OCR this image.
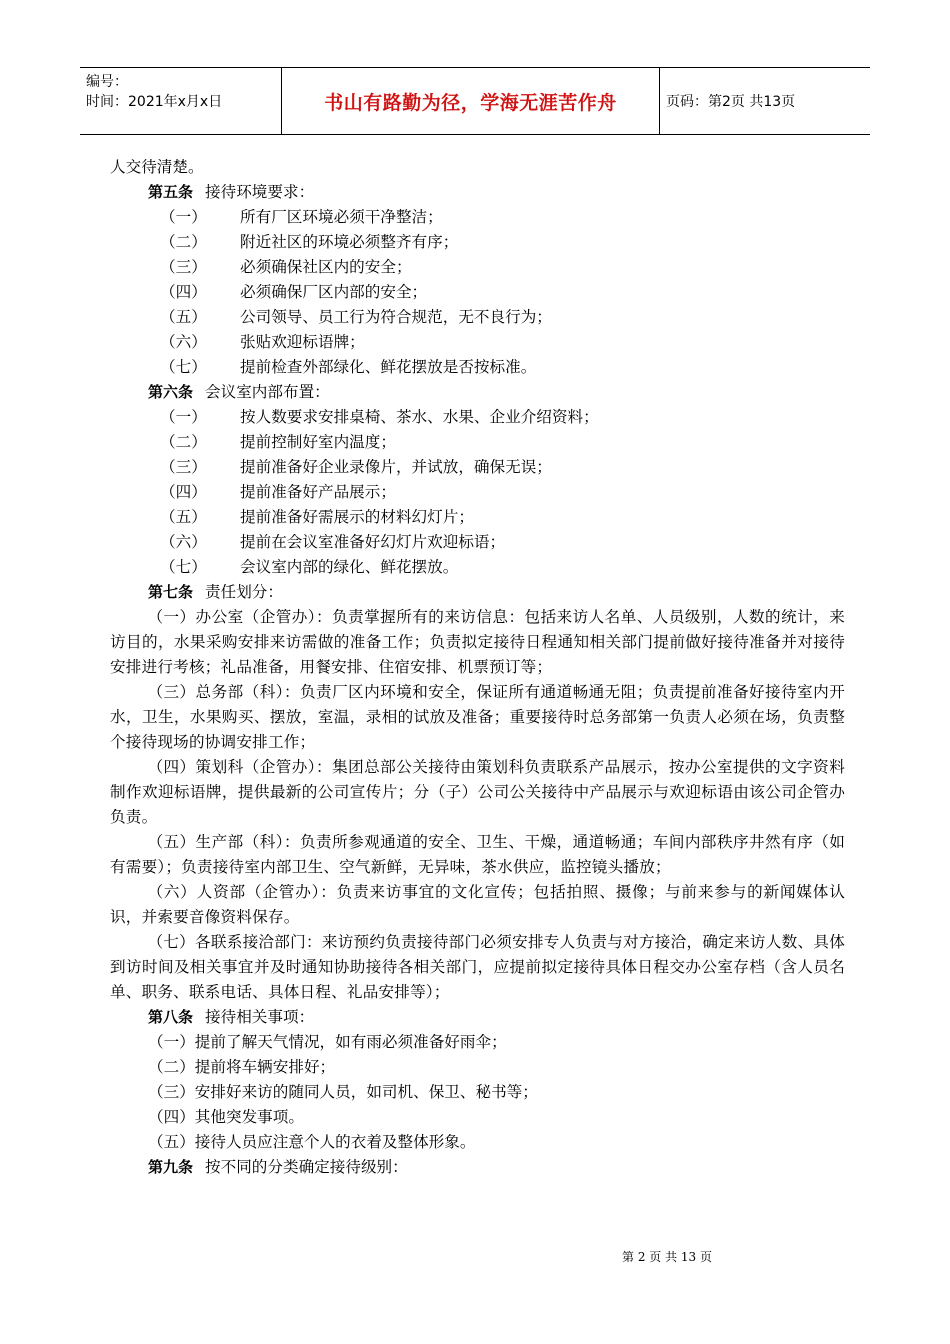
编号：
时间：2021年x月x日	书山有路勤为径，学海无涯苦作舟	页码：第2页 共13页
人交待清楚。
第五条 接待环境要求：
（一）	所有厂区环境必须干净整洁；
（二）	附近社区的环境必须整齐有序；
（三）	必须确保社区内的安全；
（四）	必须确保厂区内部的安全；
（五）	公司领导、员工行为符合规范，无不良行为；
（六）	张贴欢迎标语牌；
（七）	提前检查外部绿化、鲜花摆放是否按标准。
第六条 会议室内部布置：
（一）	按人数要求安排桌椅、茶水、水果、企业介绍资料；
（二）	提前控制好室内温度；
（三）	提前准备好企业录像片，并试放，确保无误；
（四）	提前准备好产品展示；
（五）	提前准备好需展示的材料幻灯片；
（六）	提前在会议室准备好幻灯片欢迎标语；
（七）	会议室内部的绿化、鲜花摆放。
第七条 责任划分：
（一）办公室（企管办）：负责掌握所有的来访信息：包括来访人名单、人员级别，人数的统计，来访目的，水果采购安排来访需做的准备工作；负责拟定接待日程通知相关部门提前做好接待准备并对接待安排进行考核；礼品准备，用餐安排、住宿安排、机票预订等；
（三）总务部（科）：负责厂区内环境和安全，保证所有通道畅通无阻；负责提前准备好接待室内开水，卫生，水果购买、摆放，室温，录相的试放及准备；重要接待时总务部第一负责人必须在场，负责整个接待现场的协调安排工作；
（四）策划科（企管办）：集团总部公关接待由策划科负责联系产品展示，按办公室提供的文字资料制作欢迎标语牌，提供最新的公司宣传片；分（子）公司公关接待中产品展示与欢迎标语由该公司企管办负责。
（五）生产部（科）：负责所参观通道的安全、卫生、干燥，通道畅通；车间内部秩序井然有序（如有需要）；负责接待室内部卫生、空气新鲜，无异味，茶水供应，监控镜头播放；
（六）人资部（企管办）：负责来访事宜的文化宣传；包括拍照、摄像；与前来参与的新闻媒体认识，并索要音像资料保存。
（七）各联系接洽部门：来访预约负责接待部门必须安排专人负责与对方接洽，确定来访人数、具体到访时间及相关事宜并及时通知协助接待各相关部门，应提前拟定接待具体日程交办公室存档（含人员名单、职务、联系电话、具体日程、礼品安排等）；
第八条 接待相关事项：
（一）提前了解天气情况，如有雨必须准备好雨伞；
（二）提前将车辆安排好；
（三）安排好来访的随同人员，如司机、保卫、秘书等；
（四）其他突发事项。
（五）接待人员应注意个人的衣着及整体形象。
第九条 按不同的分类确定接待级别：
第 2 页 共 13 页
